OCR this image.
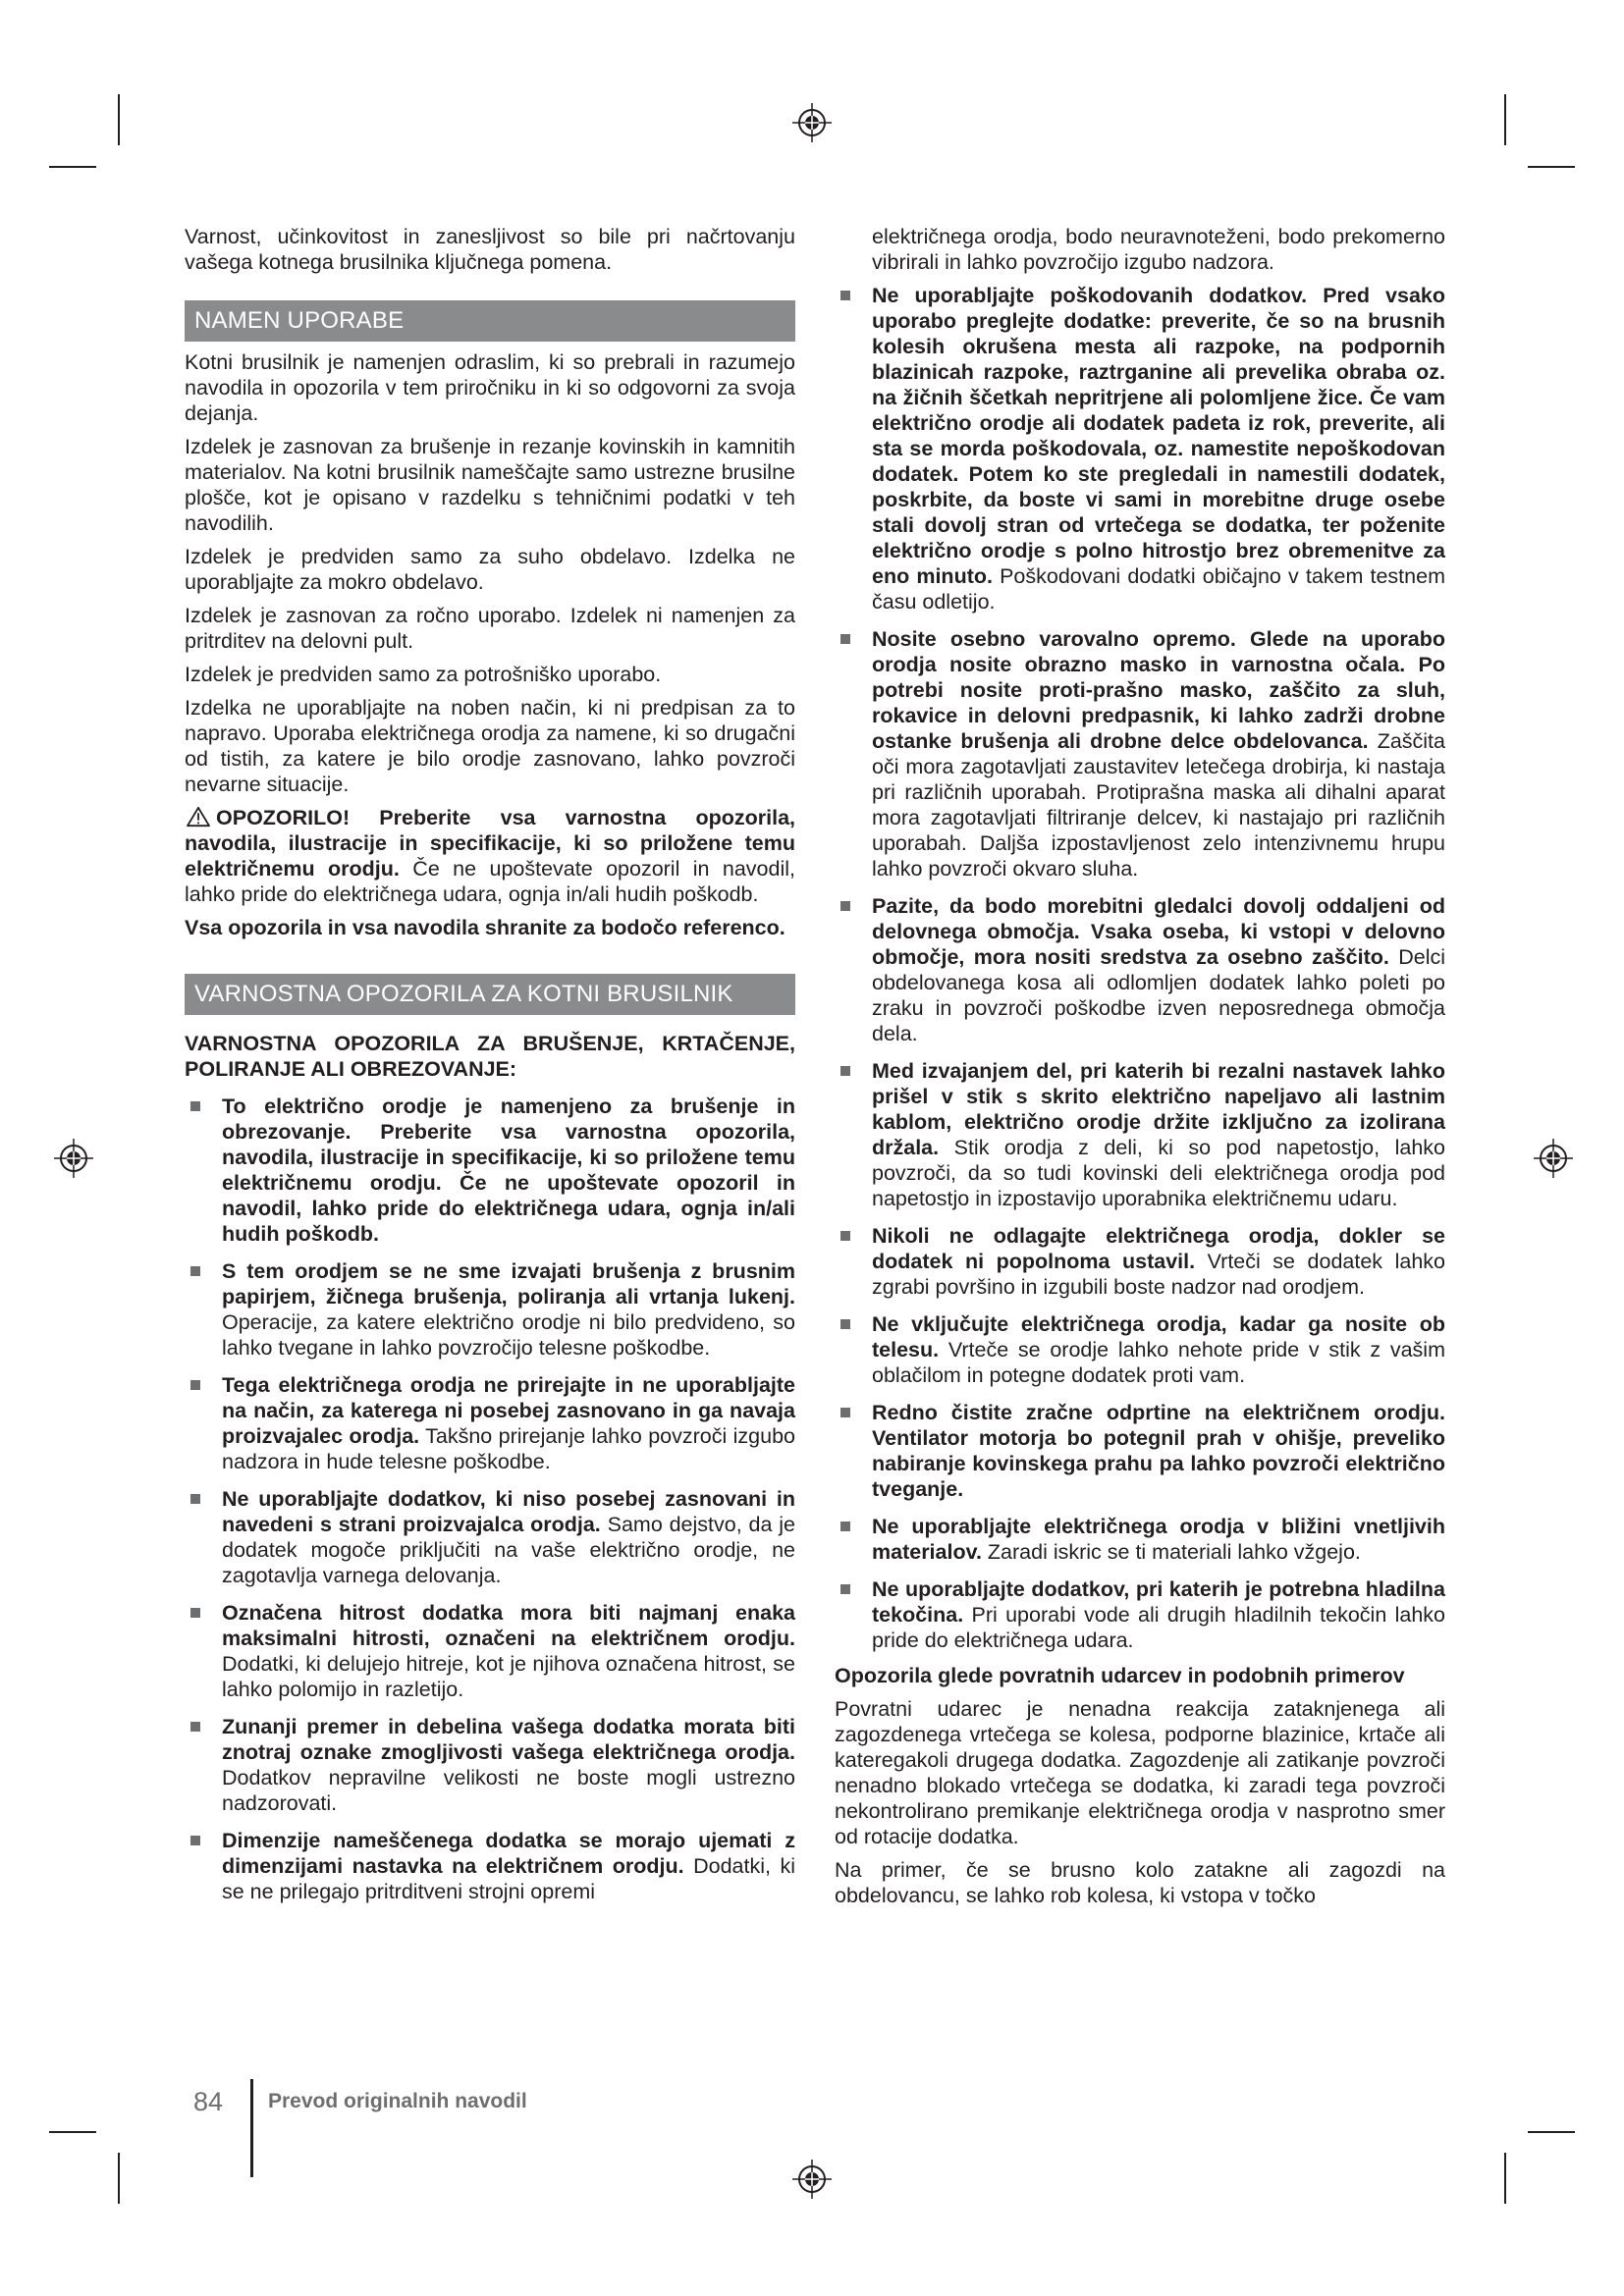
Varnost, učinkovitost in zanesljivost so bile pri načrtovanju vašega kotnega brusilnika ključnega pomena.

NAMEN UPORABE

Kotni brusilnik je namenjen odraslim, ki so prebrali in razumejo navodila in opozorila v tem priročniku in ki so odgovorni za svoja dejanja.

Izdelek je zasnovan za brušenje in rezanje kovinskih in kamnitih materialov. Na kotni brusilnik nameščajte samo ustrezne brusilne plošče, kot je opisano v razdelku s tehničnimi podatki v teh navodilih.

Izdelek je predviden samo za suho obdelavo. Izdelka ne uporabljajte za mokro obdelavo.

Izdelek je zasnovan za ročno uporabo. Izdelek ni namenjen za pritrditev na delovni pult.

Izdelek je predviden samo za potrošniško uporabo.

Izdelka ne uporabljajte na noben način, ki ni predpisan za to napravo. Uporaba električnega orodja za namene, ki so drugačni od tistih, za katere je bilo orodje zasnovano, lahko povzroči nevarne situacije.

OPOZORILO! Preberite vsa varnostna opozorila, navodila, ilustracije in specifikacije, ki so priložene temu električnemu orodju. Če ne upoštevate opozoril in navodil, lahko pride do električnega udara, ognja in/ali hudih poškodb.

Vsa opozorila in vsa navodila shranite za bodočo referenco.

VARNOSTNA OPOZORILA ZA KOTNI BRUSILNIK
VARNOSTNA OPOZORILA ZA BRUŠENJE, KRTAČENJE, POLIRANJE ALI OBREZOVANJE:
To električno orodje je namenjeno za brušenje in obrezovanje. Preberite vsa varnostna opozorila, navodila, ilustracije in specifikacije, ki so priložene temu električnemu orodju. Če ne upoštevate opozoril in navodil, lahko pride do električnega udara, ognja in/ali hudih poškodb.
S tem orodjem se ne sme izvajati brušenja z brusnim papirjem, žičnega brušenja, poliranja ali vrtanja lukenj. Operacije, za katere električno orodje ni bilo predvideno, so lahko tvegane in lahko povzročijo telesne poškodbe.
Tega električnega orodja ne prirejajte in ne uporabljajte na način, za katerega ni posebej zasnovano in ga navaja proizvajalec orodja. Takšno prirejanje lahko povzroči izgubo nadzora in hude telesne poškodbe.
Ne uporabljajte dodatkov, ki niso posebej zasnovani in navedeni s strani proizvajalca orodja. Samo dejstvo, da je dodatek mogoče priključiti na vaše električno orodje, ne zagotavlja varnega delovanja.
Označena hitrost dodatka mora biti najmanj enaka maksimalni hitrosti, označeni na električnem orodju. Dodatki, ki delujejo hitreje, kot je njihova označena hitrost, se lahko polomijo in razletijo.
Zunanji premer in debelina vašega dodatka morata biti znotraj oznake zmogljivosti vašega električnega orodja. Dodatkov nepravilne velikosti ne boste mogli ustrezno nadzorovati.
Dimenzije nameščenega dodatka se morajo ujemati z dimenzijami nastavka na električnem orodju. Dodatki, ki se ne prilegajo pritrditveni strojni opremi

električnega orodja, bodo neuravnoteženi, bodo prekomerno vibrirali in lahko povzročijo izgubo nadzora.

Ne uporabljajte poškodovanih dodatkov. Pred vsako uporabo preglejte dodatke: preverite, če so na brusnih kolesih okrušena mesta ali razpoke, na podpornih blazinicah razpoke, raztrganine ali prevelika obraba oz. na žičnih ščetkah nepritrjene ali polomljene žice. Če vam električno orodje ali dodatek padeta iz rok, preverite, ali sta se morda poškodovala, oz. namestite nepoškodovan dodatek. Potem ko ste pregledali in namestili dodatek, poskrbite, da boste vi sami in morebitne druge osebe stali dovolj stran od vrtečega se dodatka, ter poženite električno orodje s polno hitrostjo brez obremenitve za eno minuto. Poškodovani dodatki običajno v takem testnem času odletijo.
Nosite osebno varovalno opremo. Glede na uporabo orodja nosite obrazno masko in varnostna očala. Po potrebi nosite proti-prašno masko, zaščito za sluh, rokavice in delovni predpasnik, ki lahko zadrži drobne ostanke brušenja ali drobne delce obdelovanca. Zaščita oči mora zagotavljati zaustavitev letečega drobirja, ki nastaja pri različnih uporabah. Protiprašna maska ali dihalni aparat mora zagotavljati filtriranje delcev, ki nastajajo pri različnih uporabah. Daljša izpostavljenost zelo intenzivnemu hrupu lahko povzroči okvaro sluha.
Pazite, da bodo morebitni gledalci dovolj oddaljeni od delovnega območja. Vsaka oseba, ki vstopi v delovno območje, mora nositi sredstva za osebno zaščito. Delci obdelovanega kosa ali odlomljen dodatek lahko poleti po zraku in povzroči poškodbe izven neposrednega območja dela.
Med izvajanjem del, pri katerih bi rezalni nastavek lahko prišel v stik s skrito električno napeljavo ali lastnim kablom, električno orodje držite izključno za izolirana držala. Stik orodja z deli, ki so pod napetostjo, lahko povzroči, da so tudi kovinski deli električnega orodja pod napetostjo in izpostavijo uporabnika električnemu udaru.
Nikoli ne odlagajte električnega orodja, dokler se dodatek ni popolnoma ustavil. Vrteči se dodatek lahko zgrabi površino in izgubili boste nadzor nad orodjem.
Ne vključujte električnega orodja, kadar ga nosite ob telesu. Vrteče se orodje lahko nehote pride v stik z vašim oblačilom in potegne dodatek proti vam.
Redno čistite zračne odprtine na električnem orodju. Ventilator motorja bo potegnil prah v ohišje, preveliko nabiranje kovinskega prahu pa lahko povzroči električno tveganje.
Ne uporabljajte električnega orodja v bližini vnetljivih materialov. Zaradi iskric se ti materiali lahko vžgejo.
Ne uporabljajte dodatkov, pri katerih je potrebna hladilna tekočina. Pri uporabi vode ali drugih hladilnih tekočin lahko pride do električnega udara.

Opozorila glede povratnih udarcev in podobnih primerov

Povratni udarec je nenadna reakcija zataknjenega ali zagozdenega vrtečega se kolesa, podporne blazinice, krtače ali kateregakoli drugega dodatka. Zagozdenje ali zatikanje povzroči nenadno blokado vrtečega se dodatka, ki zaradi tega povzroči nekontrolirano premikanje električnega orodja v nasprotno smer od rotacije dodatka.

Na primer, če se brusno kolo zatakne ali zagozdi na obdelovancu, se lahko rob kolesa, ki vstopa v točko

84 Prevod originalnih navodil
